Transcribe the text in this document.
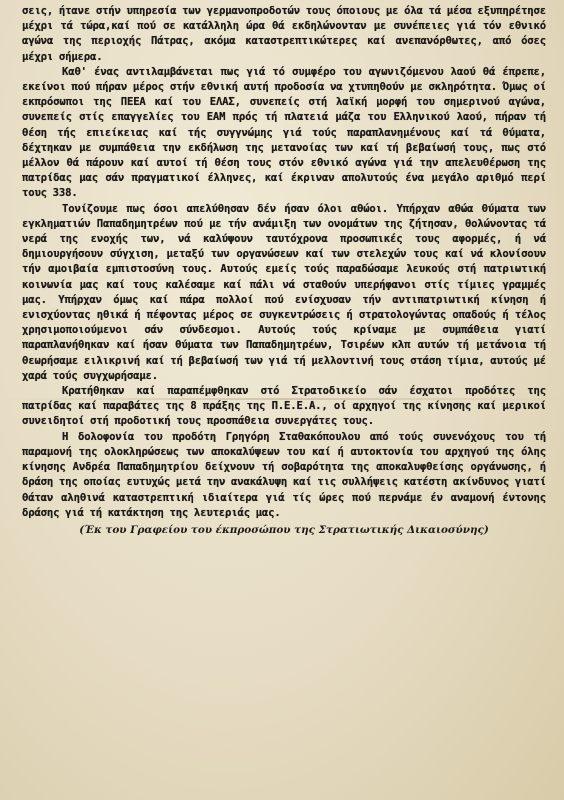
σεις, ήτανε στήν υπηρεσία των γερμανοπροδοτών τους όποιους με όλα τά μέσα εξυπηρέτησε μέχρι τά τώρα,καί πού σε κατάλληλη ώρα θά εκδηλώνονταν με συνέπειες γιά τόν εθνικό αγώνα της περιοχής Πάτρας, ακόμα καταστρεπτικώτερες καί ανεπανόρθωτες, από όσες μέχρι σήμερα.

Καθ' ένας αντιλαμβάνεται πως γιά τό συμφέρο του αγωνιζόμενου λαού θά έπρεπε, εκείνοι πού πήραν μέρος στήν εθνική αυτή προδοσία να χτυπηθούν με σκληρότητα. Όμως οί εκπρόσωποι της ΠΕΕΑ καί του ΕΛΑΣ, συνεπείς στή λαϊκή μορφή του σημερινού αγώνα, συνεπείς στίς επαγγελίες του ΕΑΜ πρός τή πλατειά μάζα του Ελληνικού λαού, πήραν τή θέση τής επιείκειας καί τής συγγνώμης γιά τούς παραπλανημένους καί τά θύματα, δέχτηκαν με συμπάθεια την εκδήλωση της μετανοίας των καί τή βεβαίωσή τους, πως στό μέλλον θά πάρουν καί αυτοί τή θέση τους στόν εθνικό αγώνα γιά την απελευθέρωση της πατρίδας μας σάν πραγματικοί έλληνες, καί έκριναν απολυτούς ένα μεγάλο αριθμό περί τους 338.

Τονίζουμε πως όσοι απελύθησαν δέν ήσαν όλοι αθώοι. Υπήρχαν αθώα θύματα των εγκληματιών Παπαδημητρέων πού με τήν ανάμιξη των ονομάτων της ζήτησαν, θολώνοντας τά νερά της ενοχής των, νά καλύψουν ταυτόχρονα προσωπικές τους αφορμές, ή νά δημιουργήσουν σύγχιση, μεταξύ των οργανώσεων καί των στελεχών τους καί νά κλονίσουν τήν αμοιβαία εμπιστοσύνη τους. Αυτούς εμείς τούς παραδώσαμε λευκούς στή πατριωτική κοινωνία μας καί τους καλέσαμε καί πάλι νά σταθούν υπερήφανοι στίς τίμιες γραμμές μας. Υπήρχαν όμως καί πάρα πολλοί πού ενίσχυσαν τήν αντιπατριωτική κίνηση ή ενισχύοντας ηθικά ή πέφοντας μέρος σε συγκεντρώσεις ή στρατολογώντας οπαδούς ή τέλος χρησιμοποιούμενοι σάν σύνδεσμοι. Αυτούς τούς κρίναμε με συμπάθεια γιατί παραπλανήθηκαν καί ήσαν θύματα των Παπαδημητρέων, Τσιρέων κλπ αυτών τή μετάνοια τή θεωρήσαμε ειλικρινή καί τή βεβαίωσή των γιά τή μελλοντινή τους στάση τίμια, αυτούς μέ χαρά τούς συγχωρήσαμε.

Κρατήθηκαν καί παραπέμφθηκαν στό Στρατοδικείο σάν έσχατοι προδότες της πατρίδας καί παραβάτες της 8 πράξης της Π.Ε.Ε.Α., οί αρχηγοί της κίνησης καί μερικοί συνειδητοί στή προδοτική τους προσπάθεια συνεργάτες τους.

Η δολοφονία του προδότη Γρηγόρη Σταθακόπουλου από τούς συνενόχους του τή παραμονή της ολοκληρώσεως των αποκαλύψεων του καί ή αυτοκτονία του αρχηγού της όλης κίνησης Ανδρέα Παπαδημητρίου δείχνουν τή σοβαρότητα της αποκαλυφθείσης οργάνωσης, ή δράση της οποίας ευτυχώς μετά την ανακάλυψη καί τις συλλήψεις κατέστη ακίνδυνος γιατί θάταν αληθινά καταστρεπτική ιδιαίτερα γιά τίς ώρες πού περνάμε έν αναμονή έντονης δράσης γιά τή κατάκτηση της λευτεριάς μας.

(Έκ του Γραφείου του έκπροσώπου της Στρατιωτικής Δικαιοσύνης)
